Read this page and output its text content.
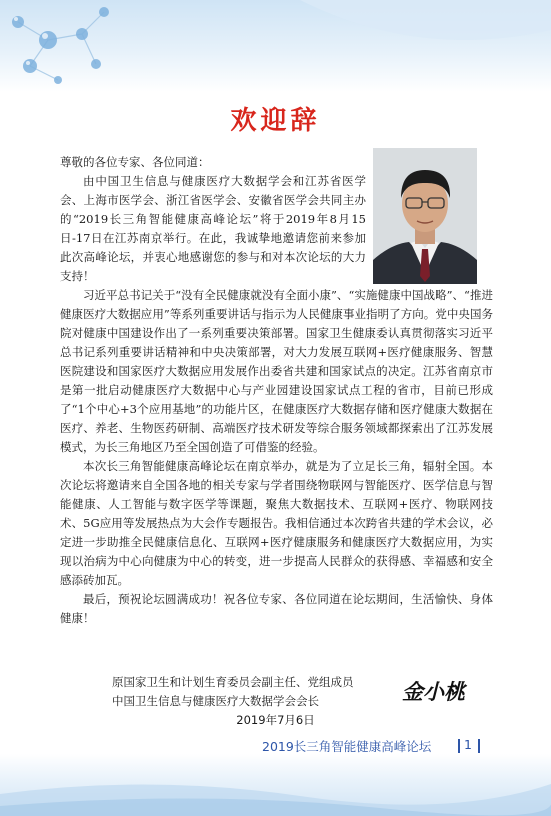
欢迎辞
尊敬的各位专家、各位同道：

由中国卫生信息与健康医疗大数据学会和江苏省医学会、上海市医学会、浙江省医学会、安徽省医学会共同主办的“2019长三角智能健康高峰论坛”将于2019年8月15日-17日在江苏南京举行。在此，我诚挚地邀请您前来参加此次高峰论坛，并衷心地感谢您的参与和对本次论坛的大力支持！

习近平总书记关于“没有全民健康就没有全面小康”、“实施健康中国战略”、“推进健康医疗大数据应用”等系列重要讲话与指示为人民健康事业指明了方向。党中央国务院对健康中国建设作出了一系列重要决策部署。国家卫生健康委认真贯彻落实习近平总书记系列重要讲话精神和中央决策部署，对大力发展互联网+医疗健康服务、智慧医院建设和国家医疗大数据应用发展作出委省共建和国家试点的决定。江苏省南京市是第一批启动健康医疗大数据中心与产业园建设国家试点工程的省市，目前已形成了“1个中心+3个应用基地”的功能片区，在健康医疗大数据存储和医疗健康大数据在医疗、养老、生物医药研制、高端医疗技术研发等综合服务领域都探索出了江苏发展模式，为长三角地区乃至全国创造了可借鉴的经验。

本次长三角智能健康高峰论坛在南京举办，就是为了立足长三角，辐射全国。本次论坛将邀请来自全国各地的相关专家与学者围绕物联网与智能医疗、医学信息与智能健康、人工智能与数字医学等课题，聚焦大数据技术、互联网+医疗、物联网技术、5G应用等发展热点为大会作专题报告。我相信通过本次跨省共建的学术会议，必定进一步助推全民健康信息化、互联网+医疗健康服务和健康医疗大数据应用，为实现以治病为中心向健康为中心的转变，进一步提高人民群众的获得感、幸福感和安全感添砖加瓦。

最后，预祝论坛圆满成功！祝各位专家、各位同道在论坛期间，生活愉快、身体健康！

原国家卫生和计划生育委员会副主任、党组成员
中国卫生信息与健康医疗大数据学会会长	金小桃
2019年7月6日
2019长三角智能健康高峰论坛	1
